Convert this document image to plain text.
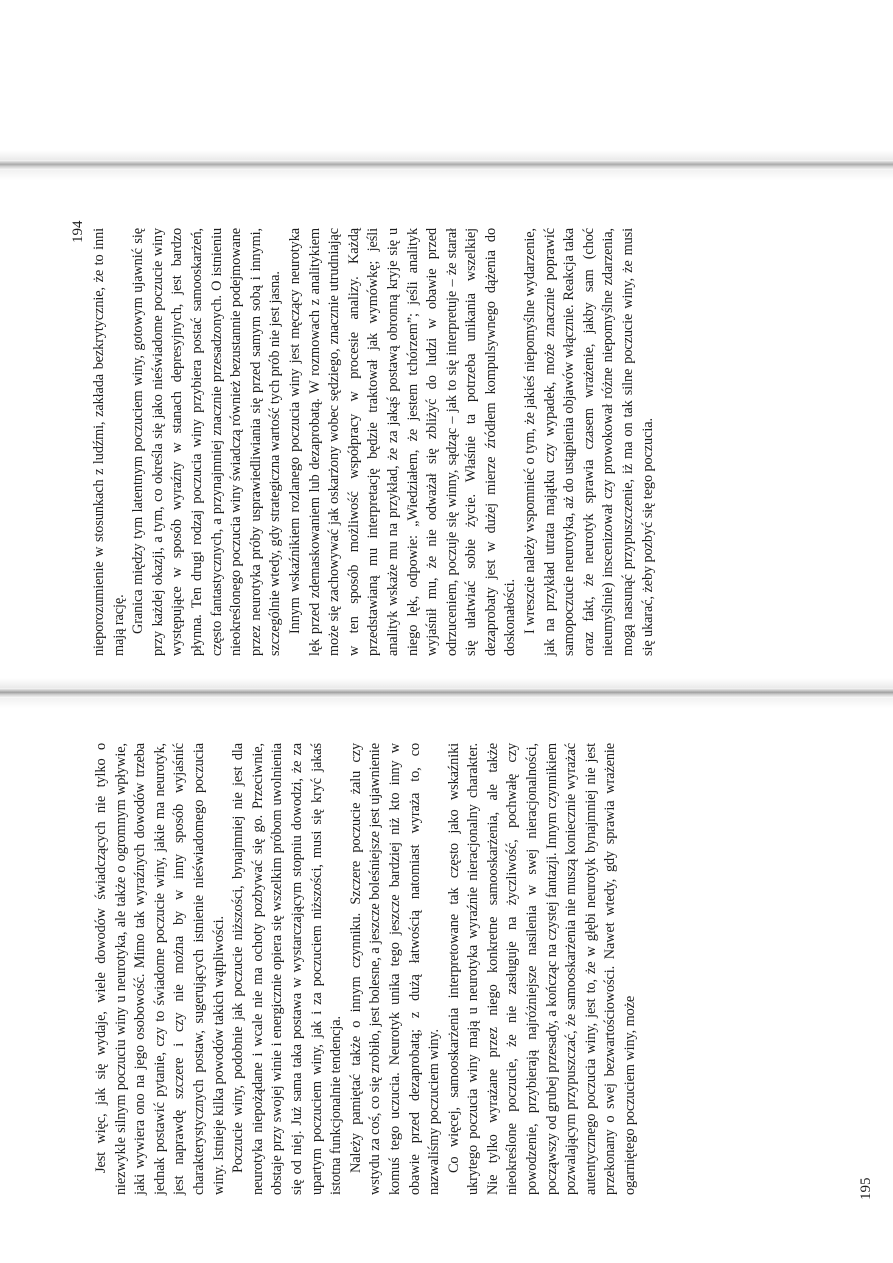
nieporozumienie w stosunkach z ludźmi, zakłada bezkrytycznie, że to inni mają rację. Granica między tym latentnym poczuciem winy, gotowym ujawnić się przy każdej okazji, a tym, co określa się jako nieświadome poczucie winy występujące w sposób wyraźny w stanach depresyjnych, jest bardzo płynna. Ten drugi rodzaj poczucia winy przybiera postać samooskarżeń, często fantastycznych, a przynajmniej znacznie przesadzonych. O istnieniu nieokreślonego poczucia winy świadczą również bezustannie podejmowane przez neurotyka próby usprawiedliwiania się przed samym sobą i innymi, szczególnie wtedy, gdy strategiczna wartość tych prób nie jest jasna. Innym wskaźnikiem rozlanego poczucia winy jest męczący neurotyka lęk przed zdemaskowaniem lub dezaprobatą. W rozmowach z analitykiem może się zachowywać jak oskarżony wobec sędziego, znacznie utrudniając w ten sposób możliwość współpracy w procesie analizy. Każdą przedstawianą mu interpretację będzie traktował jak wymówkę; jeśli analityk wskaże mu na przykład, że za jakąś postawą obronną kryje się u niego lęk, odpowie: „Wiedziałem, że jestem tchórzem”; jeśli analityk wyjaśnił mu, że nie odważał się zbliżyć do ludzi w obawie przed odrzuceniem, poczuje się winny, sądząc – jak to się interpretuje – że starał się ułatwiać sobie życie. Właśnie ta potrzeba unikania wszelkiej dezaprobaty jest w dużej mierze źródłem kompulsywnego dążenia do doskonałości. I wreszcie należy wspomnieć o tym, że jakieś niepomyślne wydarzenie, jak na przykład utrata majątku czy wypadek, może znacznie poprawić samopoczucie neurotyka, aż do ustąpienia objawów włącznie. Reakcja taka oraz fakt, że neurotyk sprawia czasem wrażenie, jakby sam (choć nieumyślnie) inscenizował czy prowokował różne niepomyślne zdarzenia, mogą nasunąć przypuszczenie, iż ma on tak silne poczucie winy, że musi się ukarać, żeby pozbyć się tego poczucia.

194

Jest więc, jak się wydaje, wiele dowodów świadczących nie tylko o niezwykle silnym poczuciu winy u neurotyka, ale także o ogromnym wpływie, jaki wywiera ono na jego osobowość. Mimo tak wyraźnych dowodów trzeba jednak postawić pytanie, czy to świadome poczucie winy, jakie ma neurotyk, jest naprawdę szczere i czy nie można by w inny sposób wyjaśnić charakterystycznych postaw, sugerujących istnienie nieświadomego poczucia winy. Istnieje kilka powodów takich wątpliwości. Poczucie winy, podobnie jak poczucie niższości, bynajmniej nie jest dla neurotyka niepożądane i wcale nie ma ochoty pozbywać się go. Przeciwnie, obstaje przy swojej winie i energicznie opiera się wszelkim próbom uwolnienia się od niej. Już sama taka postawa w wystarczającym stopniu dowodzi, że za upartym poczuciem winy, jak i za poczuciem niższości, musi się kryć jakaś istotna funkcjonalnie tendencja. Należy pamiętać także o innym czynniku. Szczere poczucie żalu czy wstydu za coś, co się zrobiło, jest bolesne, a jeszcze boleśniejsze jest ujawnienie komuś tego uczucia. Neurotyk unika tego jeszcze bardziej niż kto inny w obawie przed dezaprobatą; z dużą łatwością natomiast wyraża to, co nazwaliśmy poczuciem winy. Co więcej, samooskarżenia interpretowane tak często jako wskaźniki ukrytego poczucia winy mają u neurotyka wyraźnie nieracjonalny charakter. Nie tylko wyrażane przez niego konkretne samooskarżenia, ale także nieokreślone poczucie, że nie zasługuje na życzliwość, pochwałę czy powodzenie, przybierają najróżniejsze nasilenia w swej nieracjonalności, począwszy od grubej przesady, a kończąc na czystej fantazji. Innym czynnikiem pozwalającym przypuszczać, że samooskarżenia nie muszą koniecznie wyrażać autentycznego poczucia winy, jest to, że w głębi neurotyk bynajmniej nie jest przekonany o swej bezwartościowości. Nawet wtedy, gdy sprawia wrażenie ogarniętego poczuciem winy, może	195
